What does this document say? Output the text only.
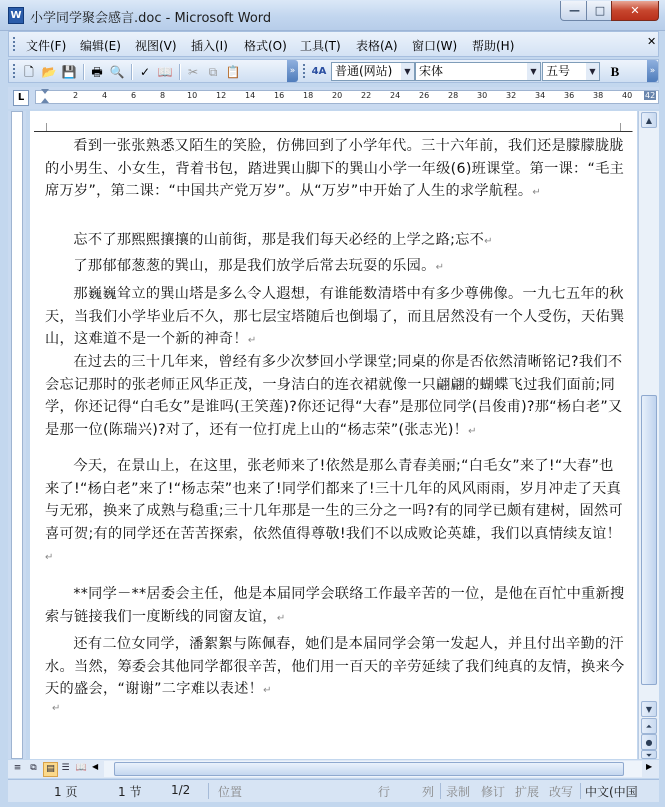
W 小学同学聚会感言.doc - Microsoft Word
— □ ✕
文件(F) 编辑(E) 视图(V) 插入(I) 格式(O) 工具(T) 表格(A) 窗口(W) 帮助(H)	✕
🗋 📂 💾 🖶 🔍 ✓ 📖 ✂ ⧉ 📋	» 4A 普通(网站)	▼ 宋体	▼ 五号	▼ B	»
L	2	4	6	8	10 12 14 16 18 20 22 24 26 28 30 32 34 36 38 40 42

看到一张张熟悉又陌生的笑脸，仿佛回到了小学年代。三十六年前，我们还是朦朦胧胧的小男生、小女生，背着书包，踏进巽山脚下的巽山小学一年级(6)班课堂。第一课：“毛主席万岁”，第二课：“中国共产党万岁”。从“万岁”中开始了人生的求学航程。↵

忘不了那熙熙攘攘的山前街，那是我们每天必经的上学之路;忘不↵

了那郁郁葱葱的巽山，那是我们放学后常去玩耍的乐园。↵

那巍巍耸立的巽山塔是多么令人遐想，有谁能数清塔中有多少尊佛像。一九七五年的秋天，当我们小学毕业后不久，那七层宝塔随后也倒塌了，而且居然没有一个人受伤，天佑巽山，这难道不是一个新的神奇！↵

在过去的三十几年来，曾经有多少次梦回小学课堂;同桌的你是否依然清晰铭记?我们不会忘记那时的张老师正风华正茂，一身洁白的连衣裙就像一只翩翩的蝴蝶飞过我们面前;同学，你还记得“白毛女”是谁吗(王笑莲)?你还记得“大春”是那位同学(吕俊甫)?那“杨白老”又是那一位(陈瑞兴)?对了，还有一位打虎上山的“杨志荣”(张志光)！↵

今天，在景山上，在这里，张老师来了!依然是那么青春美丽;“白毛女”来了!“大春”也来了!“杨白老”来了!“杨志荣”也来了!同学们都来了!三十几年的风风雨雨，岁月冲走了天真与无邪，换来了成熟与稳重;三十几年那是一生的三分之一吗?有的同学已颇有建树，固然可喜可贺;有的同学还在苦苦探索，依然值得尊敬!我们不以成败论英雄，我们以真情续友谊！↵

**同学－**居委会主任，他是本届同学会联络工作最辛苦的一位，是他在百忙中重新搜索与链接我们一度断线的同窗友谊，↵

还有二位女同学，潘絮絮与陈佩春，她们是本届同学会第一发起人，并且付出辛勤的汗水。当然，筹委会其他同学都很辛苦，他们用一百天的辛劳延续了我们纯真的友情，换来今天的盛会，“谢谢”二字难以表述！↵

↵
▲
▼
⏶
●
⏷
≡	⧉	▤ ☰ 📖 ◀	▶
1 页	1 节 1/2 位置	行	列 录制 修订 扩展 改写 中文(中国
